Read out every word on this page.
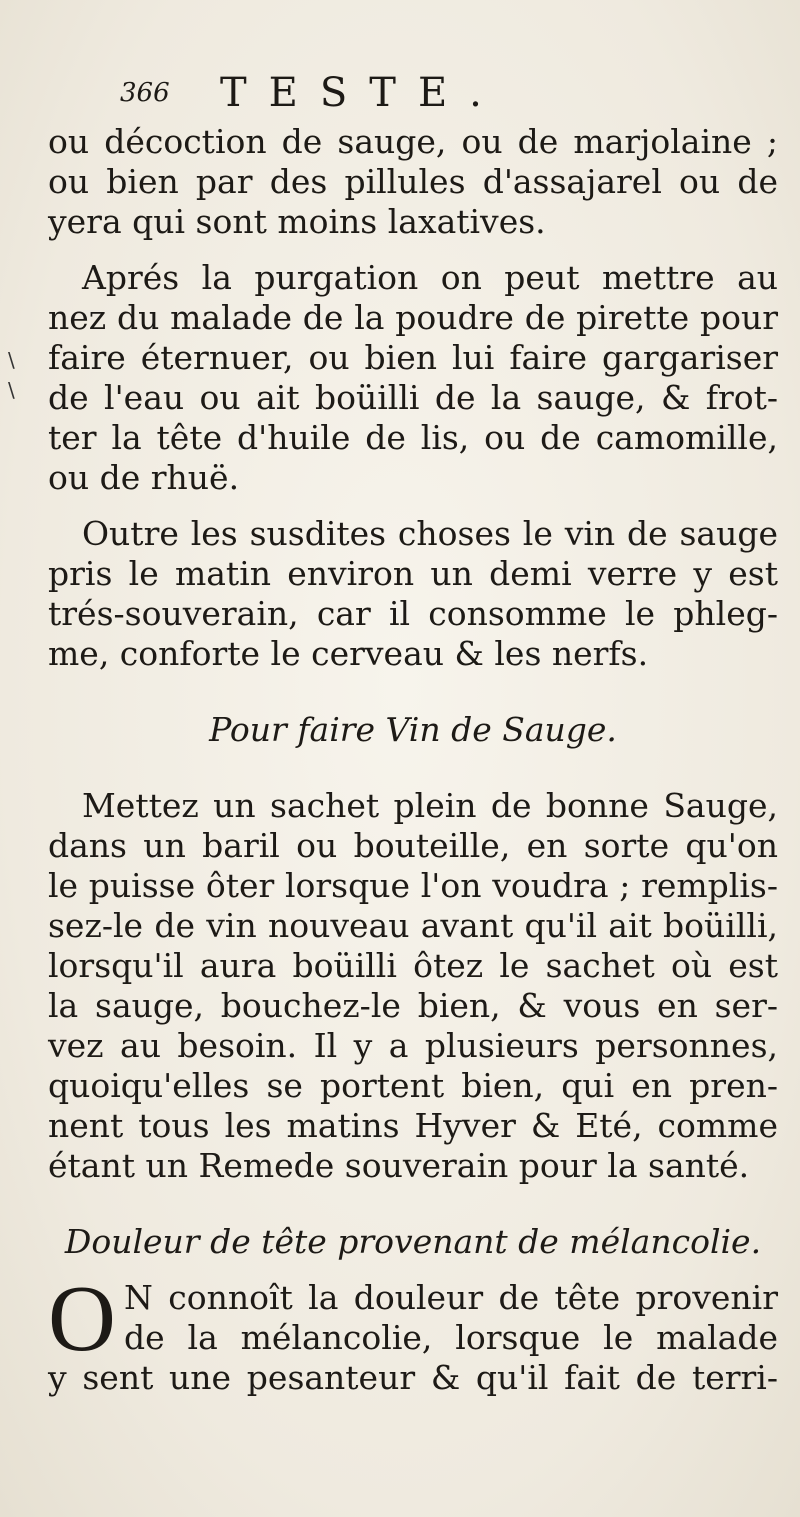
366 TESTE.
\
\
ou décoction de sauge, ou de marjolaine ;
ou bien par des pillules d'assajarel ou de
yera qui sont moins laxatives.
Aprés la purgation on peut mettre au
nez du malade de la poudre de pirette pour
faire éternuer, ou bien lui faire gargariser
de l'eau ou ait boüilli de la sauge, & frot-
ter la tête d'huile de lis, ou de camomille,
ou de rhuë.
Outre les susdites choses le vin de sauge
pris le matin environ un demi verre y est
trés-souverain, car il consomme le phleg-
me, conforte le cerveau & les nerfs.
Pour faire Vin de Sauge.
Mettez un sachet plein de bonne Sauge,
dans un baril ou bouteille, en sorte qu'on
le puisse ôter lorsque l'on voudra ; remplis-
sez-le de vin nouveau avant qu'il ait boüilli,
lorsqu'il aura boüilli ôtez le sachet où est
la sauge, bouchez-le bien, & vous en ser-
vez au besoin. Il y a plusieurs personnes,
quoiqu'elles se portent bien, qui en pren-
nent tous les matins Hyver & Eté, comme
étant un Remede souverain pour la santé.
Douleur de tête provenant de mélancolie.
O N connoît la douleur de tête provenir
de la mélancolie, lorsque le malade
y sent une pesanteur & qu'il fait de terri-
